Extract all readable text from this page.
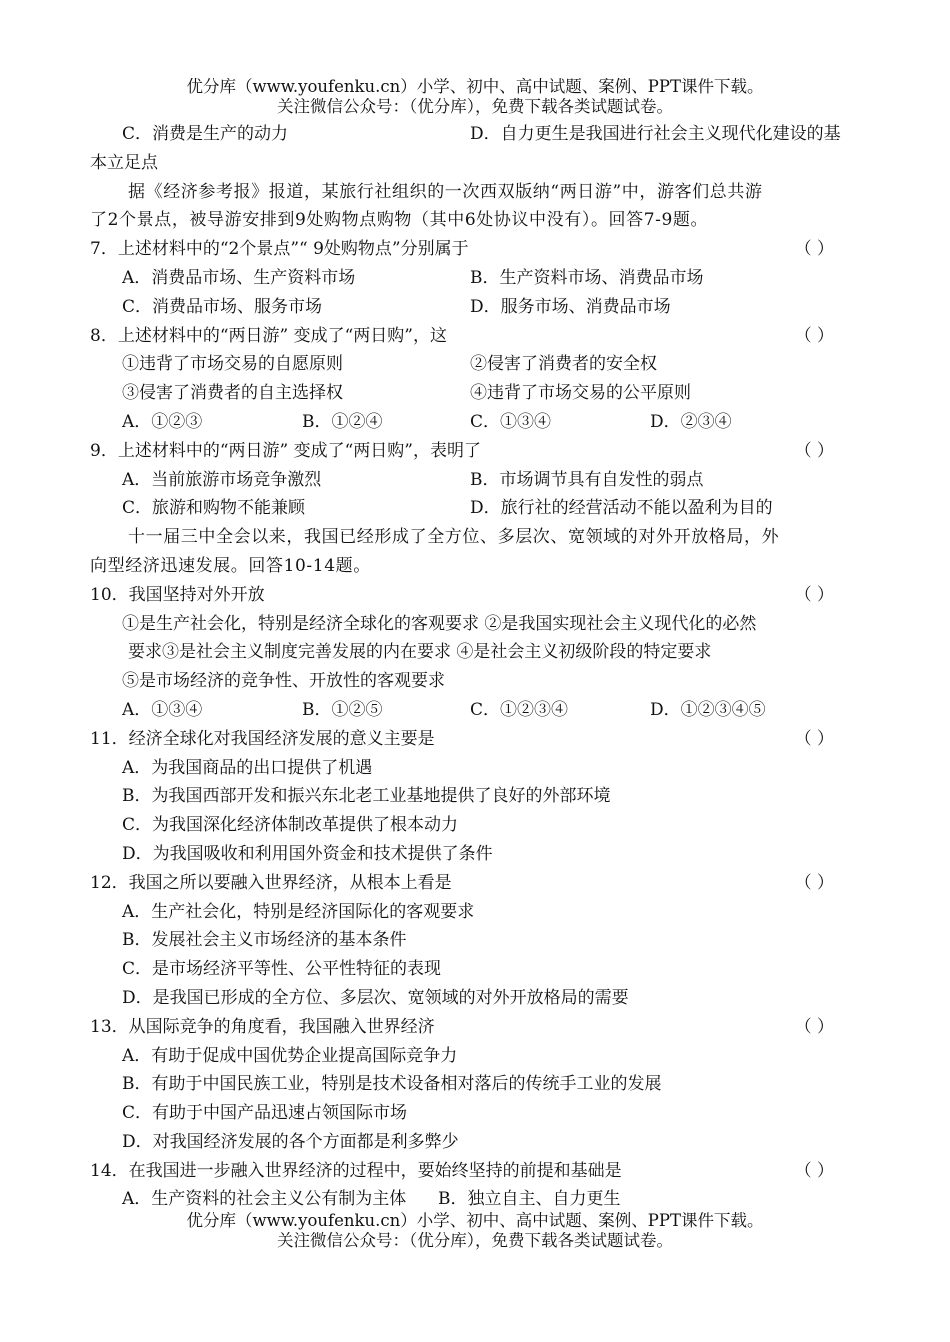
优分库（www.youfenku.cn）小学、初中、高中试题、案例、PPT课件下载。
关注微信公众号：（优分库），免费下载各类试题试卷。
C．消费是生产的动力	D．自力更生是我国进行社会主义现代化建设的基
本立足点
据《经济参考报》报道，某旅行社组织的一次西双版纳“两日游”中，游客们总共游
了2个景点，被导游安排到9处购物点购物（其中6处协议中没有）。回答7-9题。
7．上述材料中的“2个景点”“ 9处购物点”分别属于	（ ）
A．消费品市场、生产资料市场	B．生产资料市场、消费品市场
C．消费品市场、服务市场	D．服务市场、消费品市场
8．上述材料中的“两日游” 变成了“两日购”，这	（ ）
①违背了市场交易的自愿原则	②侵害了消费者的安全权
③侵害了消费者的自主选择权	④违背了市场交易的公平原则
A．①②③	B．①②④	C．①③④	D．②③④
9．上述材料中的“两日游” 变成了“两日购”，表明了	（ ）
A．当前旅游市场竞争激烈	B．市场调节具有自发性的弱点
C．旅游和购物不能兼顾	D．旅行社的经营活动不能以盈利为目的
十一届三中全会以来，我国已经形成了全方位、多层次、宽领域的对外开放格局，外
向型经济迅速发展。回答10-14题。
10．我国坚持对外开放	（ ）
①是生产社会化，特别是经济全球化的客观要求 ②是我国实现社会主义现代化的必然
要求③是社会主义制度完善发展的内在要求 ④是社会主义初级阶段的特定要求
⑤是市场经济的竞争性、开放性的客观要求
A．①③④	B．①②⑤	C．①②③④	D．①②③④⑤
11．经济全球化对我国经济发展的意义主要是	（ ）
A．为我国商品的出口提供了机遇
B．为我国西部开发和振兴东北老工业基地提供了良好的外部环境
C．为我国深化经济体制改革提供了根本动力
D．为我国吸收和利用国外资金和技术提供了条件
12．我国之所以要融入世界经济，从根本上看是	（ ）
A．生产社会化，特别是经济国际化的客观要求
B．发展社会主义市场经济的基本条件
C．是市场经济平等性、公平性特征的表现
D．是我国已形成的全方位、多层次、宽领域的对外开放格局的需要
13．从国际竞争的角度看，我国融入世界经济	（ ）
A．有助于促成中国优势企业提高国际竞争力
B．有助于中国民族工业，特别是技术设备相对落后的传统手工业的发展
C．有助于中国产品迅速占领国际市场
D．对我国经济发展的各个方面都是利多弊少
14．在我国进一步融入世界经济的过程中，要始终坚持的前提和基础是	（ ）
A．生产资料的社会主义公有制为主体 B．独立自主、自力更生
优分库（www.youfenku.cn）小学、初中、高中试题、案例、PPT课件下载。
关注微信公众号：（优分库），免费下载各类试题试卷。
